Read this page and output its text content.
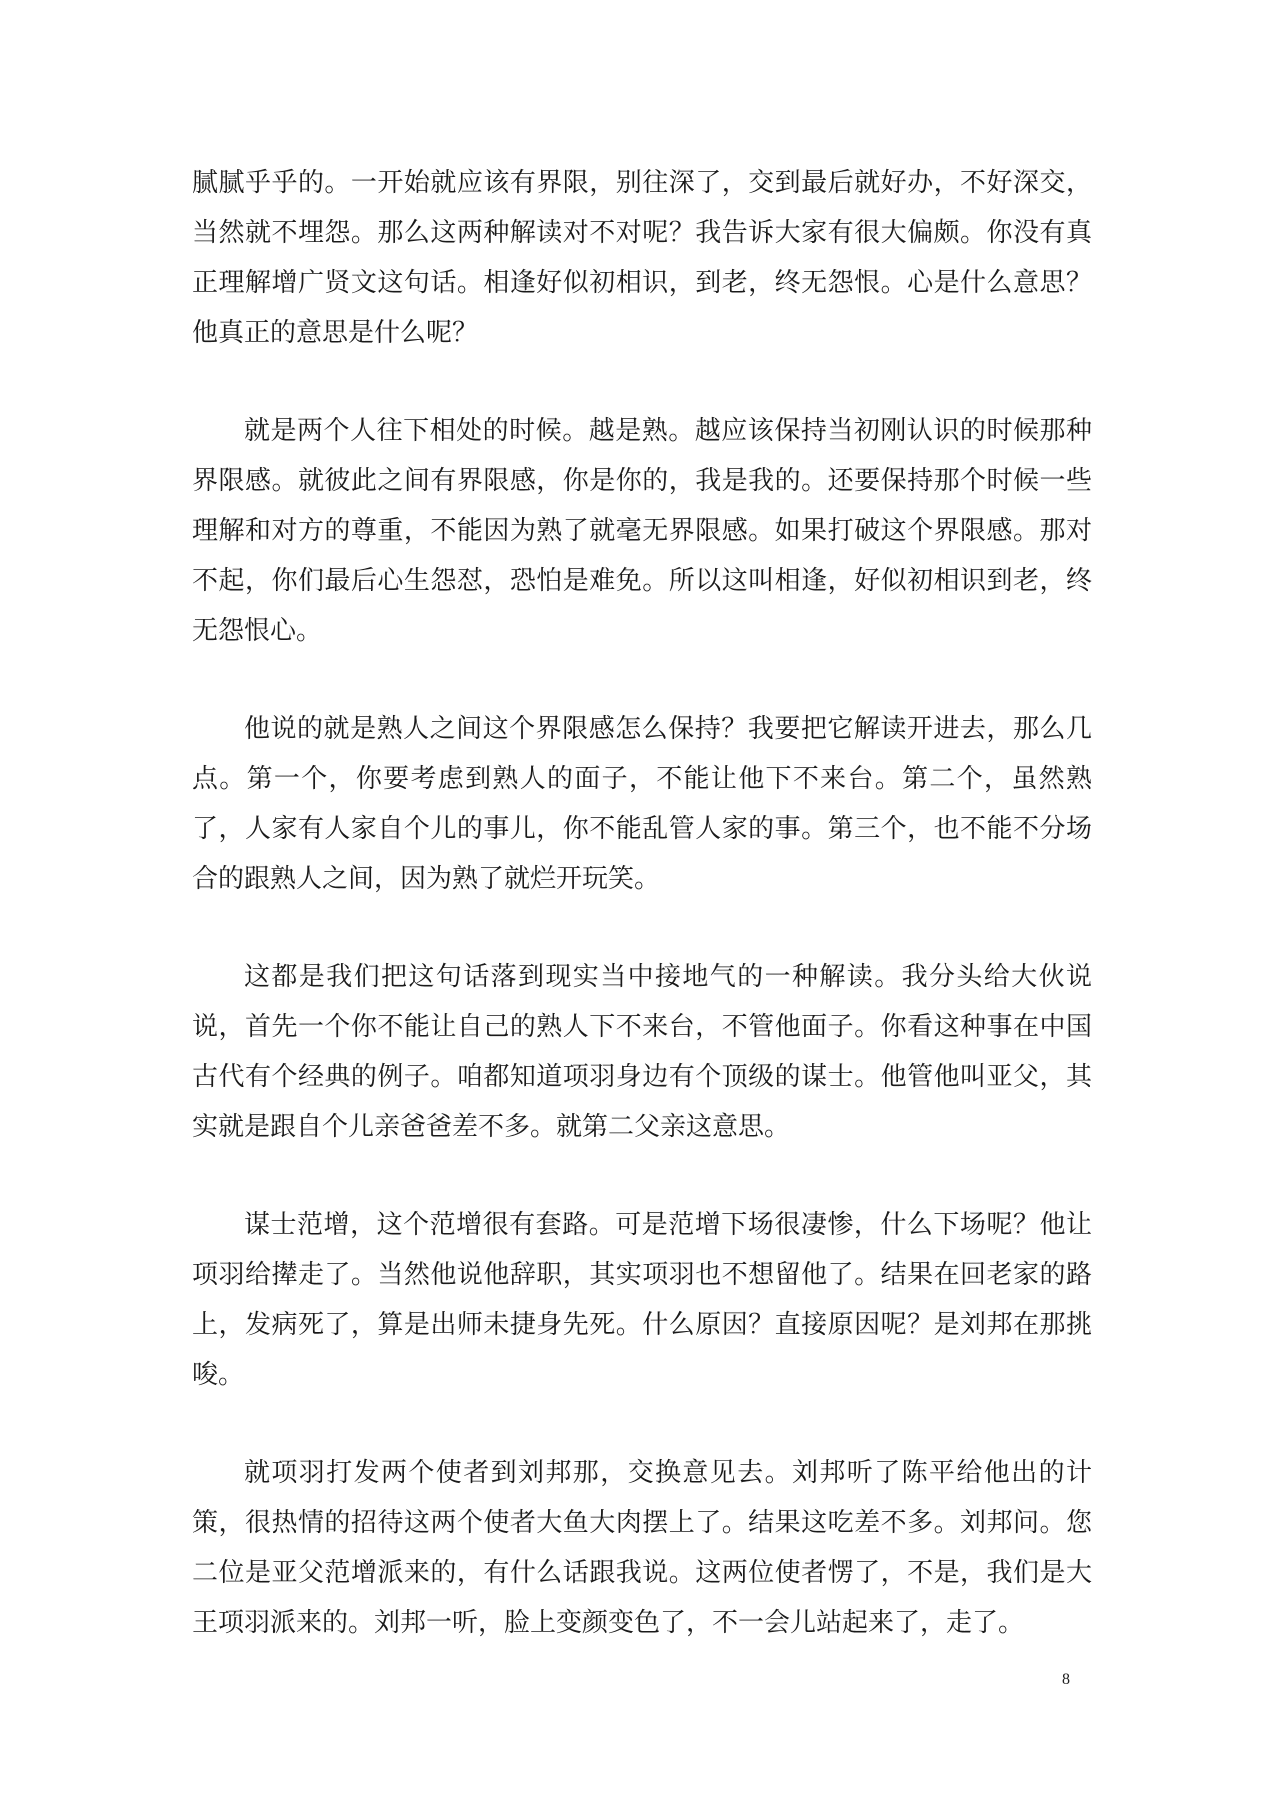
腻腻乎乎的。一开始就应该有界限，别往深了，交到最后就好办，不好深交，当然就不埋怨。那么这两种解读对不对呢？我告诉大家有很大偏颇。你没有真正理解增广贤文这句话。相逢好似初相识，到老，终无怨恨。心是什么意思？他真正的意思是什么呢？

就是两个人往下相处的时候。越是熟。越应该保持当初刚认识的时候那种界限感。就彼此之间有界限感，你是你的，我是我的。还要保持那个时候一些理解和对方的尊重，不能因为熟了就毫无界限感。如果打破这个界限感。那对不起，你们最后心生怨怼，恐怕是难免。所以这叫相逢，好似初相识到老，终无怨恨心。

他说的就是熟人之间这个界限感怎么保持？我要把它解读开进去，那么几点。第一个，你要考虑到熟人的面子，不能让他下不来台。第二个，虽然熟了，人家有人家自个儿的事儿，你不能乱管人家的事。第三个，也不能不分场合的跟熟人之间，因为熟了就烂开玩笑。

这都是我们把这句话落到现实当中接地气的一种解读。我分头给大伙说说，首先一个你不能让自己的熟人下不来台，不管他面子。你看这种事在中国古代有个经典的例子。咱都知道项羽身边有个顶级的谋士。他管他叫亚父，其实就是跟自个儿亲爸爸差不多。就第二父亲这意思。

谋士范增，这个范增很有套路。可是范增下场很凄惨，什么下场呢？他让项羽给撵走了。当然他说他辞职，其实项羽也不想留他了。结果在回老家的路上，发病死了，算是出师未捷身先死。什么原因？直接原因呢？是刘邦在那挑唆。

就项羽打发两个使者到刘邦那，交换意见去。刘邦听了陈平给他出的计策，很热情的招待这两个使者大鱼大肉摆上了。结果这吃差不多。刘邦问。您二位是亚父范增派来的，有什么话跟我说。这两位使者愣了，不是，我们是大王项羽派来的。刘邦一听，脸上变颜变色了，不一会儿站起来了，走了。

8
